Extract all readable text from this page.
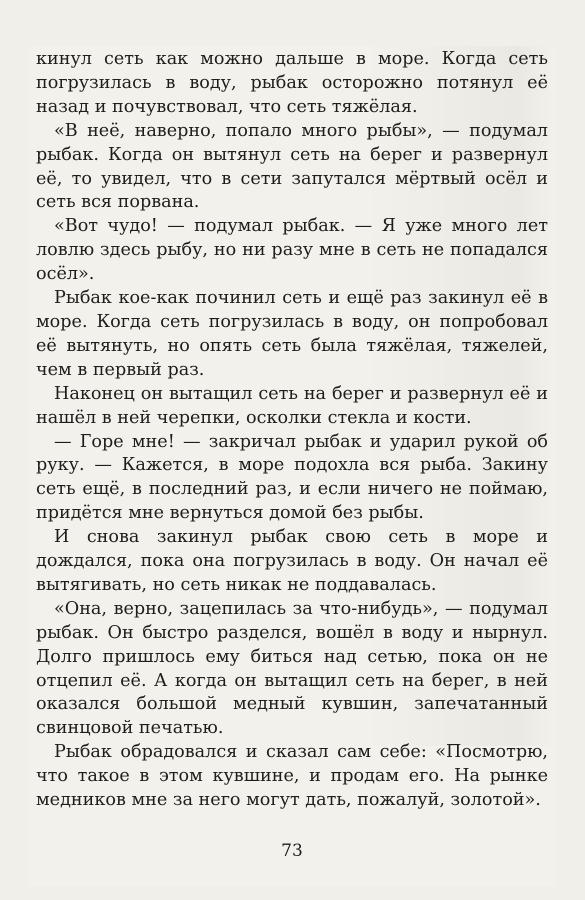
кинул сеть как можно дальше в море. Когда сеть погрузилась в воду, рыбак осторожно потянул её назад и почувствовал, что сеть тяжёлая.

«В неё, наверно, попало много рыбы», — подумал рыбак. Когда он вытянул сеть на берег и развернул её, то увидел, что в сети запутался мёртвый осёл и сеть вся порвана.

«Вот чудо! — подумал рыбак. — Я уже много лет ловлю здесь рыбу, но ни разу мне в сеть не попадался осёл».

Рыбак кое-как починил сеть и ещё раз закинул её в море. Когда сеть погрузилась в воду, он попробовал её вытянуть, но опять сеть была тяжёлая, тяжелей, чем в первый раз.

Наконец он вытащил сеть на берег и развернул её и нашёл в ней черепки, осколки стекла и кости.

— Горе мне! — закричал рыбак и ударил рукой об руку. — Кажется, в море подохла вся рыба. Закину сеть ещё, в последний раз, и если ничего не поймаю, придётся мне вернуться домой без рыбы.

И снова закинул рыбак свою сеть в море и дождался, пока она погрузилась в воду. Он начал её вытягивать, но сеть никак не поддавалась.

«Она, верно, зацепилась за что-нибудь», — подумал рыбак. Он быстро разделся, вошёл в воду и нырнул. Долго пришлось ему биться над сетью, пока он не отцепил её. А когда он вытащил сеть на берег, в ней оказался большой медный кувшин, запечатанный свинцовой печатью.

Рыбак обрадовался и сказал сам себе: «Посмотрю, что такое в этом кувшине, и продам его. На рынке медников мне за него могут дать, пожалуй, золотой».

73
